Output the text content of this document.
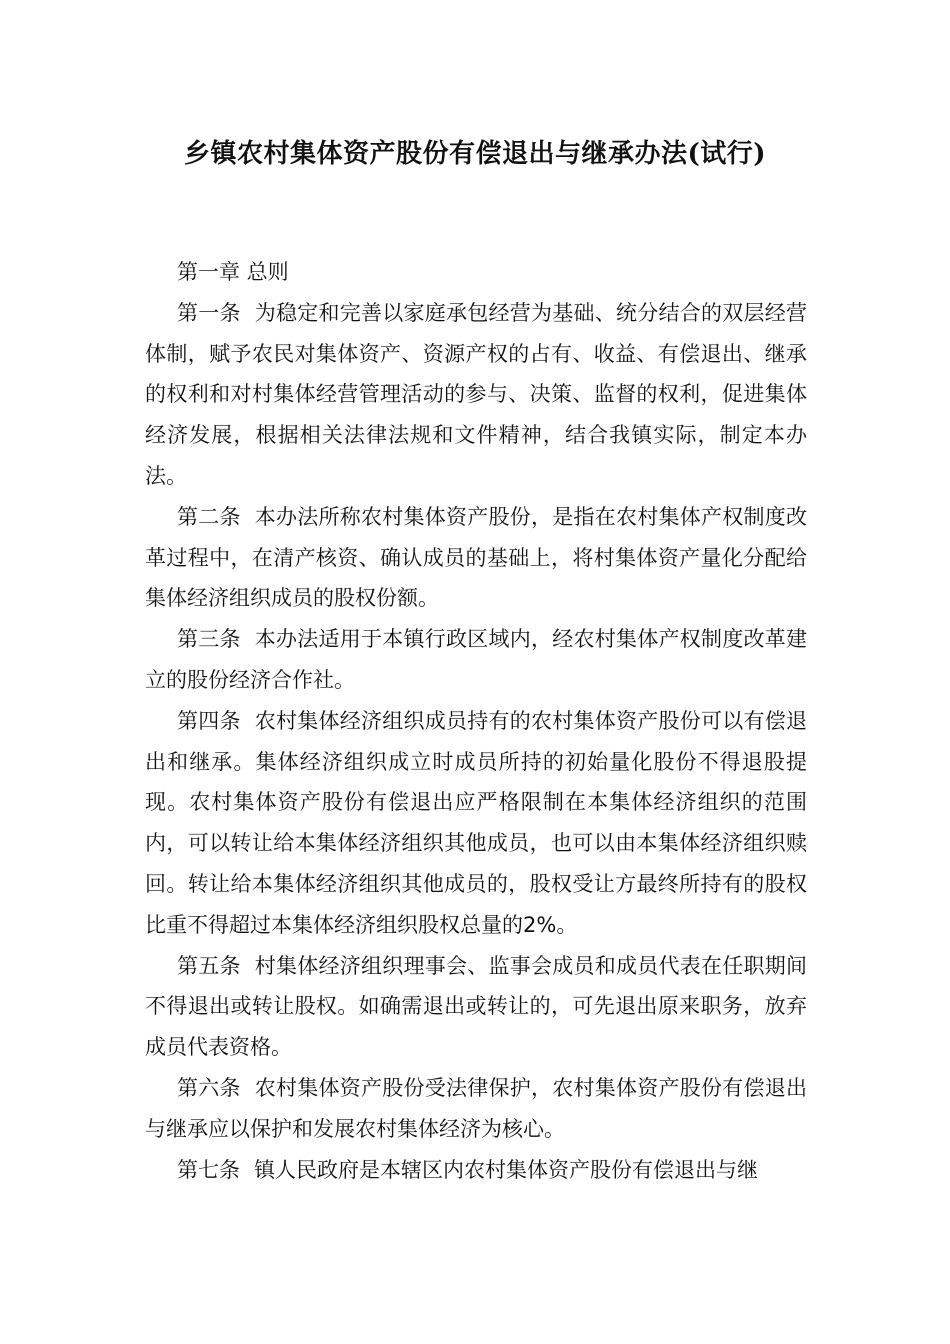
乡镇农村集体资产股份有偿退出与继承办法(试行)

第一章 总则

第一条 为稳定和完善以家庭承包经营为基础、统分结合的双层经营体制，赋予农民对集体资产、资源产权的占有、收益、有偿退出、继承的权利和对村集体经营管理活动的参与、决策、监督的权利，促进集体经济发展，根据相关法律法规和文件精神，结合我镇实际，制定本办法。

第二条 本办法所称农村集体资产股份，是指在农村集体产权制度改革过程中，在清产核资、确认成员的基础上，将村集体资产量化分配给集体经济组织成员的股权份额。

第三条 本办法适用于本镇行政区域内，经农村集体产权制度改革建立的股份经济合作社。

第四条 农村集体经济组织成员持有的农村集体资产股份可以有偿退出和继承。集体经济组织成立时成员所持的初始量化股份不得退股提现。农村集体资产股份有偿退出应严格限制在本集体经济组织的范围内，可以转让给本集体经济组织其他成员，也可以由本集体经济组织赎回。转让给本集体经济组织其他成员的，股权受让方最终所持有的股权比重不得超过本集体经济组织股权总量的2%。

第五条 村集体经济组织理事会、监事会成员和成员代表在任职期间不得退出或转让股权。如确需退出或转让的，可先退出原来职务，放弃成员代表资格。

第六条 农村集体资产股份受法律保护，农村集体资产股份有偿退出与继承应以保护和发展农村集体经济为核心。

第七条 镇人民政府是本辖区内农村集体资产股份有偿退出与继
